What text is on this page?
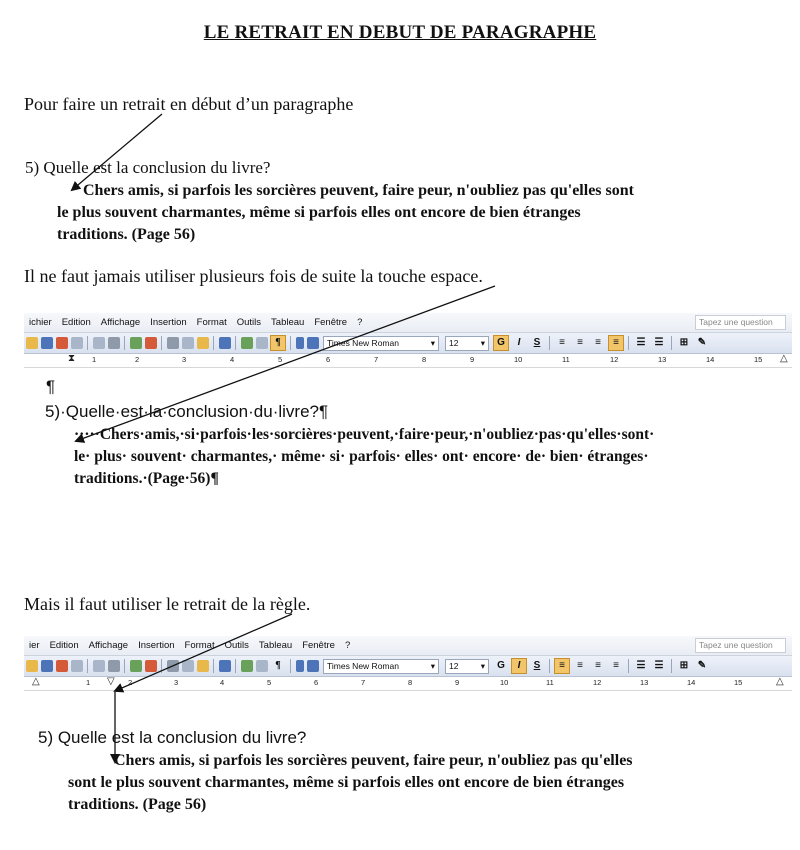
LE RETRAIT EN DEBUT DE PARAGRAPHE
Pour faire un retrait en début d’un paragraphe
5) Quelle est la conclusion du livre?
Chers amis, si parfois les sorcières peuvent, faire peur, n'oubliez pas qu'elles sont
le plus souvent charmantes, même si parfois elles ont encore de bien étranges
traditions. (Page 56)
Il ne faut jamais utiliser plusieurs fois de suite la touche espace.
ichier	Edition	Affichage	Insertion	Format	Outils	Tableau	Fenêtre	?	Tapez une question
¶	Times New Roman	▾ 12	▾	G	I	S	≡	≡	≡	≡	☰ ☰	⊞ ✎
⧗ 1	2	3	4	5	6	7	8	9	10	11	12	13	14	15 △
¶
5)·Quelle·est·la·conclusion·du·livre?¶
·····Chers·amis,·si·parfois·les·sorcières·peuvent,·faire·peur,·n'oubliez·pas·qu'elles·sont·
le· plus· souvent· charmantes,· même· si· parfois· elles· ont· encore· de· bien· étranges·
traditions.·(Page·56)¶
Mais il faut utiliser le retrait de la règle.
ier	Edition	Affichage	Insertion	Format	Outils	Tableau	Fenêtre	?	Tapez une question
¶	Times New Roman	▾ 12	▾	G	I	S	≡	≡	≡	≡	☰ ☰	⊞ ✎
△	▽
1	2	3	4	5	6	7	8	9	10	11	12	13	14	15	△
5) Quelle est la conclusion du livre?
Chers amis, si parfois les sorcières peuvent, faire peur, n'oubliez pas qu'elles
sont le plus souvent charmantes, même si parfois elles ont encore de bien étranges
traditions. (Page 56)
